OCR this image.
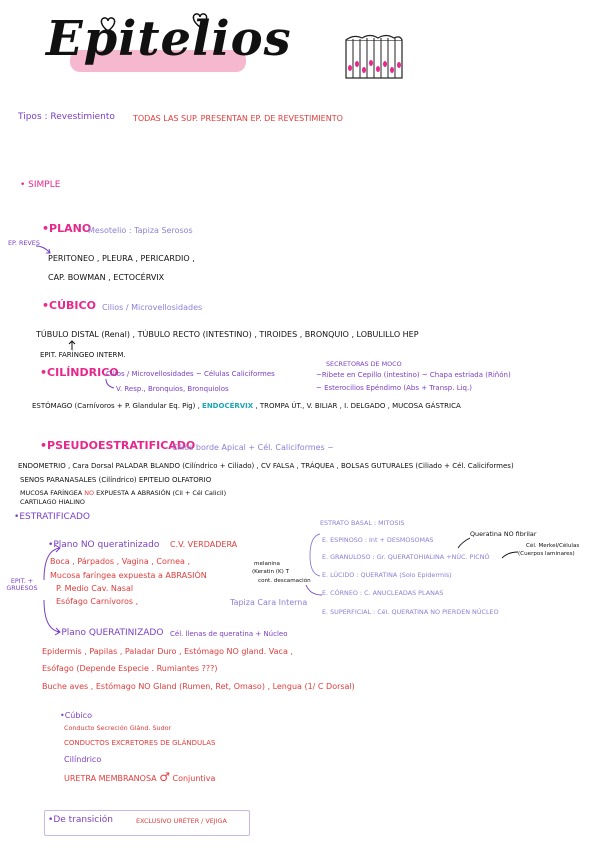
Epitelios
Tipos : Revestimiento TODAS LAS SUP. PRESENTAN EP. DE REVESTIMIENTO
• SIMPLE
•PLANO
Mesotelio : Tapiza Serosos
EP. REVES
PERITONEO , PLEURA , PERICARDIO ,
CAP. BOWMAN , ECTOCÉRVIX
•CÚBICO Cilios / Microvellosidades
TÚBULO DISTAL (Renal) , TÚBULO RECTO (INTESTINO) , TIROIDES , BRONQUIO , LOBULILLO HEP
EPIT. FARÍNGEO INTERM.
SECRETORAS DE MOCO
•CILÍNDRICO
Cilios / Microvellosidades ~ Células Caliciformes	~Ribete en Cepillo (intestino) ~ Chapa estriada (Riñón)
V. Resp., Bronquios, Bronquiolos	~ Esterocilios Epéndimo (Abs + Transp. Liq.)
ESTÓMAGO (Carnívoros + P. Glandular Eq. Pig) , ENDOCÉRVIX , TROMPA ÚT., V. BILIAR , I. DELGADO , MUCOSA GÁSTRICA
•PSEUDOESTRATIFICADO
Cilios borde Apical + Cél. Caliciformes ~
ENDOMETRIO , Cara Dorsal PALADAR BLANDO (Cilíndrico + Ciliado) , CV FALSA , TRÁQUEA , BOLSAS GUTURALES (Ciliado + Cél. Caliciformes)
SENOS PARANASALES (Cilíndrico) EPITELIO OLFATORIO
MUCOSA FARÍNGEA NO EXPUESTA A ABRASIÓN (Cil + Cél Calicil)
CARTILAGO HIALINO
•ESTRATIFICADO
EPIT. + GRUESOS
•Plano NO queratinizado C.V. VERDADERA
Boca , Párpados , Vagina , Cornea ,
Mucosa faríngea expuesta a ABRASIÓN
P. Medio Cav. Nasal
Esófago Carnívoros ,
ESTRATO BASAL : MITOSIS
E. ESPINOSO : Int + DESMOSOMAS
Queratina NO fibrilar
Cél. Merkel/Células
(Cuerpos laminares)
E. GRANULOSO : Gr. QUERATOHIALINA +NÚC. PICNÓ
melanina
(Keratin (K) T
cont. descamación
E. LÚCIDO : QUERATINA (Solo Epidermis)
E. CÓRNEO : C. ANUCLEADAS PLANAS
Tapiza Cara Interna
E. SUPERFICIAL : Cél. QUERATINA NO PIERDEN NÚCLEO
•Plano QUERATINIZADO Cél. llenas de queratina + Núcleo
Epidermis , Papilas , Paladar Duro , Estómago NO gland. Vaca ,
Esófago (Depende Especie . Rumiantes ???)
Buche aves , Estómago NO Gland (Rumen, Ret, Omaso) , Lengua (1/ C Dorsal)
•Cúbico
Conducto Secreción Glánd. Sudor
CONDUCTOS EXCRETORES DE GLÁNDULAS
Cilíndrico
URETRA MEMBRANOSA ♂ Conjuntiva
•De transición	EXCLUSIVO URÉTER / VEJIGA
